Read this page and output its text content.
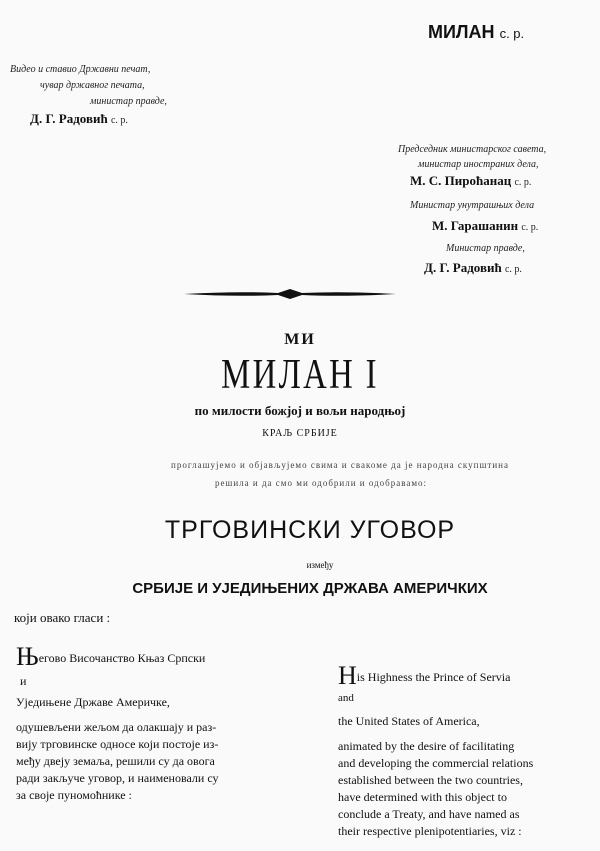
МИЛАН с. р.
Видео и ставио Државни печат,
чувар државног печата,
министар правде,
Д. Г. Радовић с. р.
Председник министарског савета,
министар иностраних дела,
М. С. Пироћанац с. р.
Министар унутрашњих дела
М. Гарашанин с. р.
Министар правде,
Д. Г. Радовић с. р.
МИ
МИЛАН I
по милости божјој и вољи народњој
КРАЉ СРБИЈЕ
проглашујемо и објављујемо свима и свакоме да је народна скупштина
решила и да смо ми одобрили и одобравамо:
ТРГОВИНСКИ УГОВОР
између
СРБИЈЕ И УЈЕДИЊЕНИХ ДРЖАВА АМЕРИЧКИХ
који овако гласи :
Његово Височанство Књаз Српски
и
Уједињене Државе Америчке,
одушевљени жељом да олакшају и раз-
вију трговинске односе који постоје из-
међу двеју земаља, решили су да овога
ради закључе уговор, и наименовали су
за своје пуномоћнике :
His Highness the Prince of Servia
and
the United States of America,
animated by the desire of facilitating
and developing the commercial relations
established between the two countries,
have determined with this object to
conclude a Treaty, and have named as
their respective plenipotentiaries, viz :
